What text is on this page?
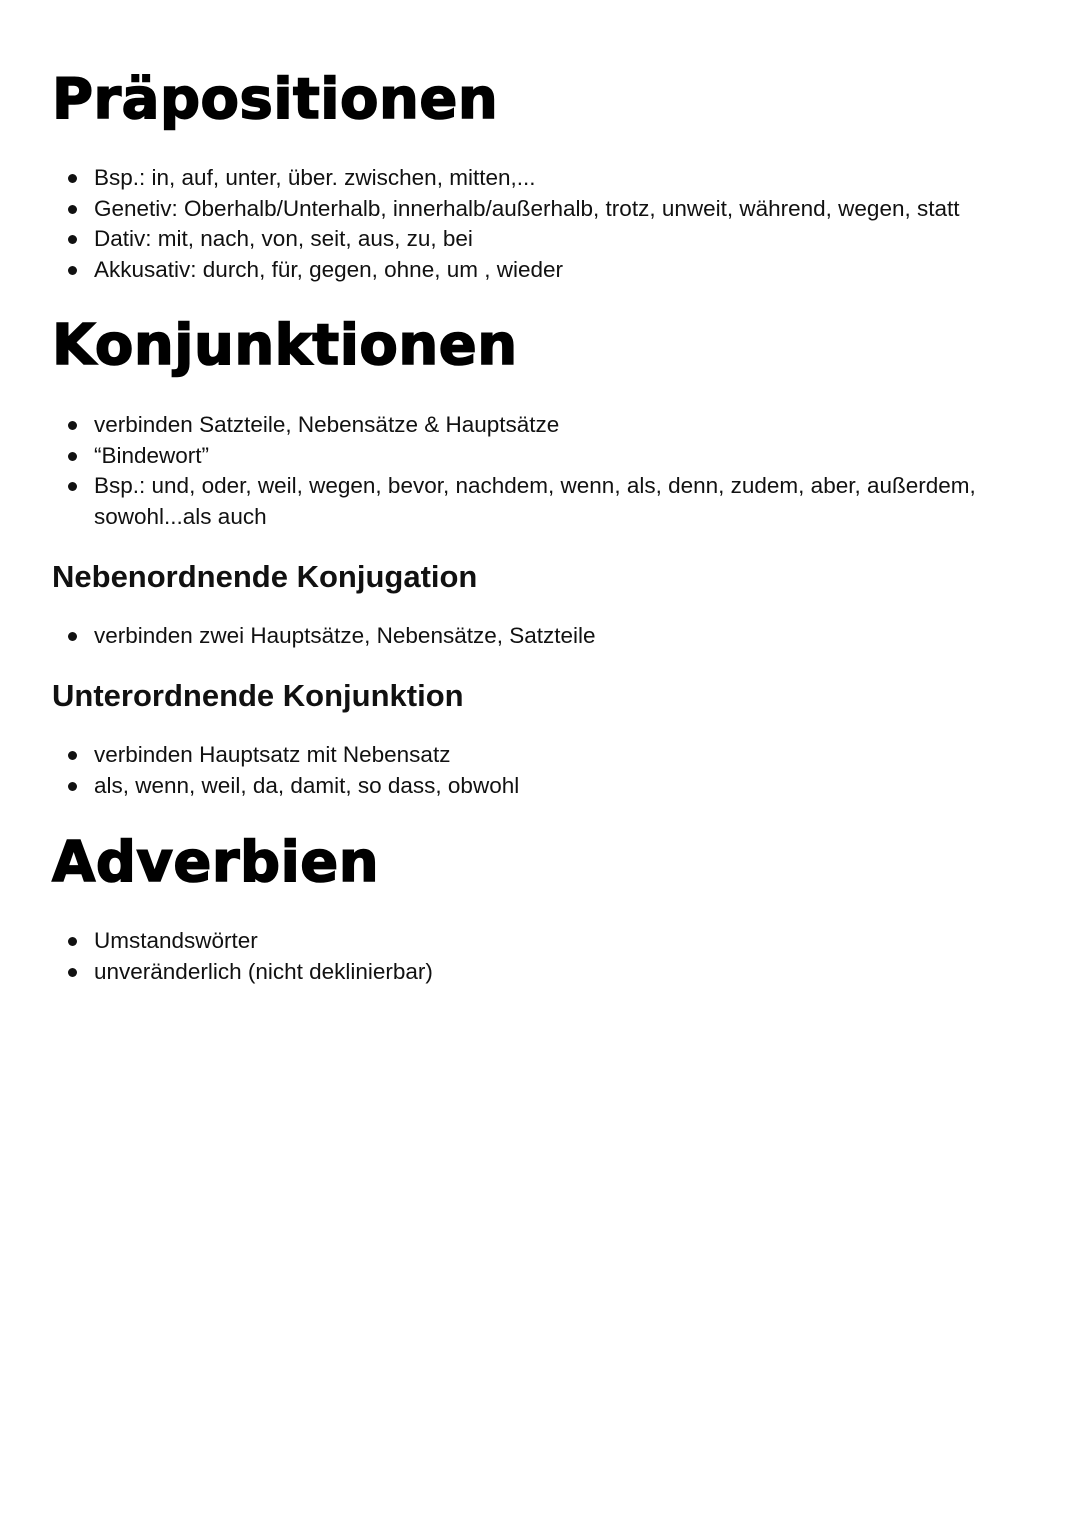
Präpositionen
Bsp.: in, auf, unter, über. zwischen, mitten,...
Genetiv: Oberhalb/Unterhalb, innerhalb/außerhalb, trotz, unweit, während, wegen, statt
Dativ: mit, nach, von, seit, aus, zu, bei
Akkusativ: durch, für, gegen, ohne, um , wieder
Konjunktionen
verbinden Satzteile, Nebensätze & Hauptsätze
“Bindewort”
Bsp.: und, oder, weil, wegen, bevor, nachdem, wenn, als, denn, zudem, aber, außerdem, sowohl...als auch
Nebenordnende Konjugation
verbinden zwei Hauptsätze, Nebensätze, Satzteile
Unterordnende Konjunktion
verbinden Hauptsatz mit Nebensatz
als, wenn, weil, da, damit, so dass, obwohl
Adverbien
Umstandswörter
unveränderlich (nicht deklinierbar)
